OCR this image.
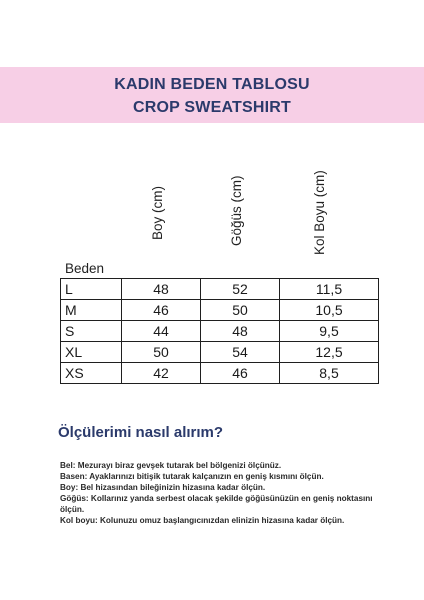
KADIN BEDEN TABLOSU
CROP SWEATSHIRT
Boy (cm)	Göğüs (cm)	Kol Boyu (cm)
Beden
L	48	52	11,5
M	46	50	10,5
S	44	48	9,5
XL	50	54	12,5
XS	42	46	8,5
Ölçülerimi nasıl alırım?

Bel: Mezurayı biraz gevşek tutarak bel bölgenizi ölçünüz.

Basen: Ayaklarınızı bitişik tutarak kalçanızın en geniş kısmını ölçün.

Boy: Bel hizasından bileğinizin hizasına kadar ölçün.

Göğüs: Kollarınız yanda serbest olacak şekilde göğüsünüzün en geniş noktasını ölçün.

Kol boyu: Kolunuzu omuz başlangıcınızdan elinizin hizasına kadar ölçün.
